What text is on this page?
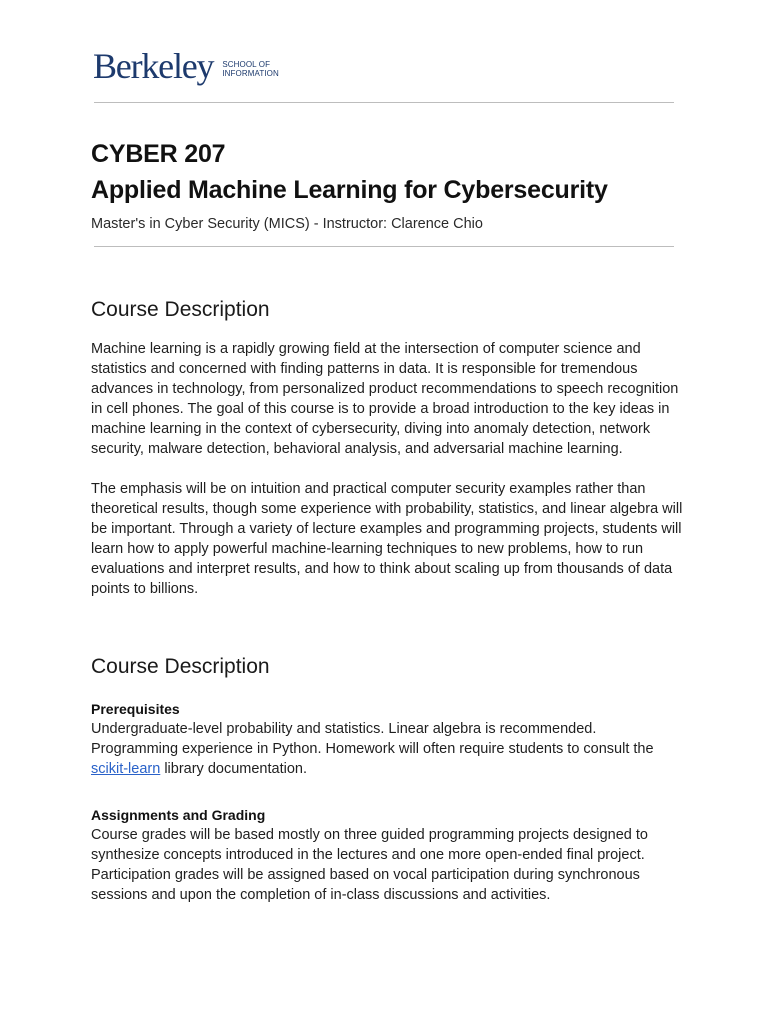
Berkeley SCHOOL OF
INFORMATION
CYBER 207
Applied Machine Learning for Cybersecurity
Master's in Cyber Security (MICS) - Instructor: Clarence Chio
Course Description

Machine learning is a rapidly growing field at the intersection of computer science and statistics and concerned with finding patterns in data. It is responsible for tremendous advances in technology, from personalized product recommendations to speech recognition in cell phones. The goal of this course is to provide a broad introduction to the key ideas in machine learning in the context of cybersecurity, diving into anomaly detection, network security, malware detection, behavioral analysis, and adversarial machine learning.

The emphasis will be on intuition and practical computer security examples rather than theoretical results, though some experience with probability, statistics, and linear algebra will be important. Through a variety of lecture examples and programming projects, students will learn how to apply powerful machine-learning techniques to new problems, how to run evaluations and interpret results, and how to think about scaling up from thousands of data points to billions.

Course Description
Prerequisites

Undergraduate-level probability and statistics. Linear algebra is recommended. Programming experience in Python. Homework will often require students to consult the scikit-learn library documentation.

Assignments and Grading

Course grades will be based mostly on three guided programming projects designed to synthesize concepts introduced in the lectures and one more open-ended final project. Participation grades will be assigned based on vocal participation during synchronous sessions and upon the completion of in-class discussions and activities.
